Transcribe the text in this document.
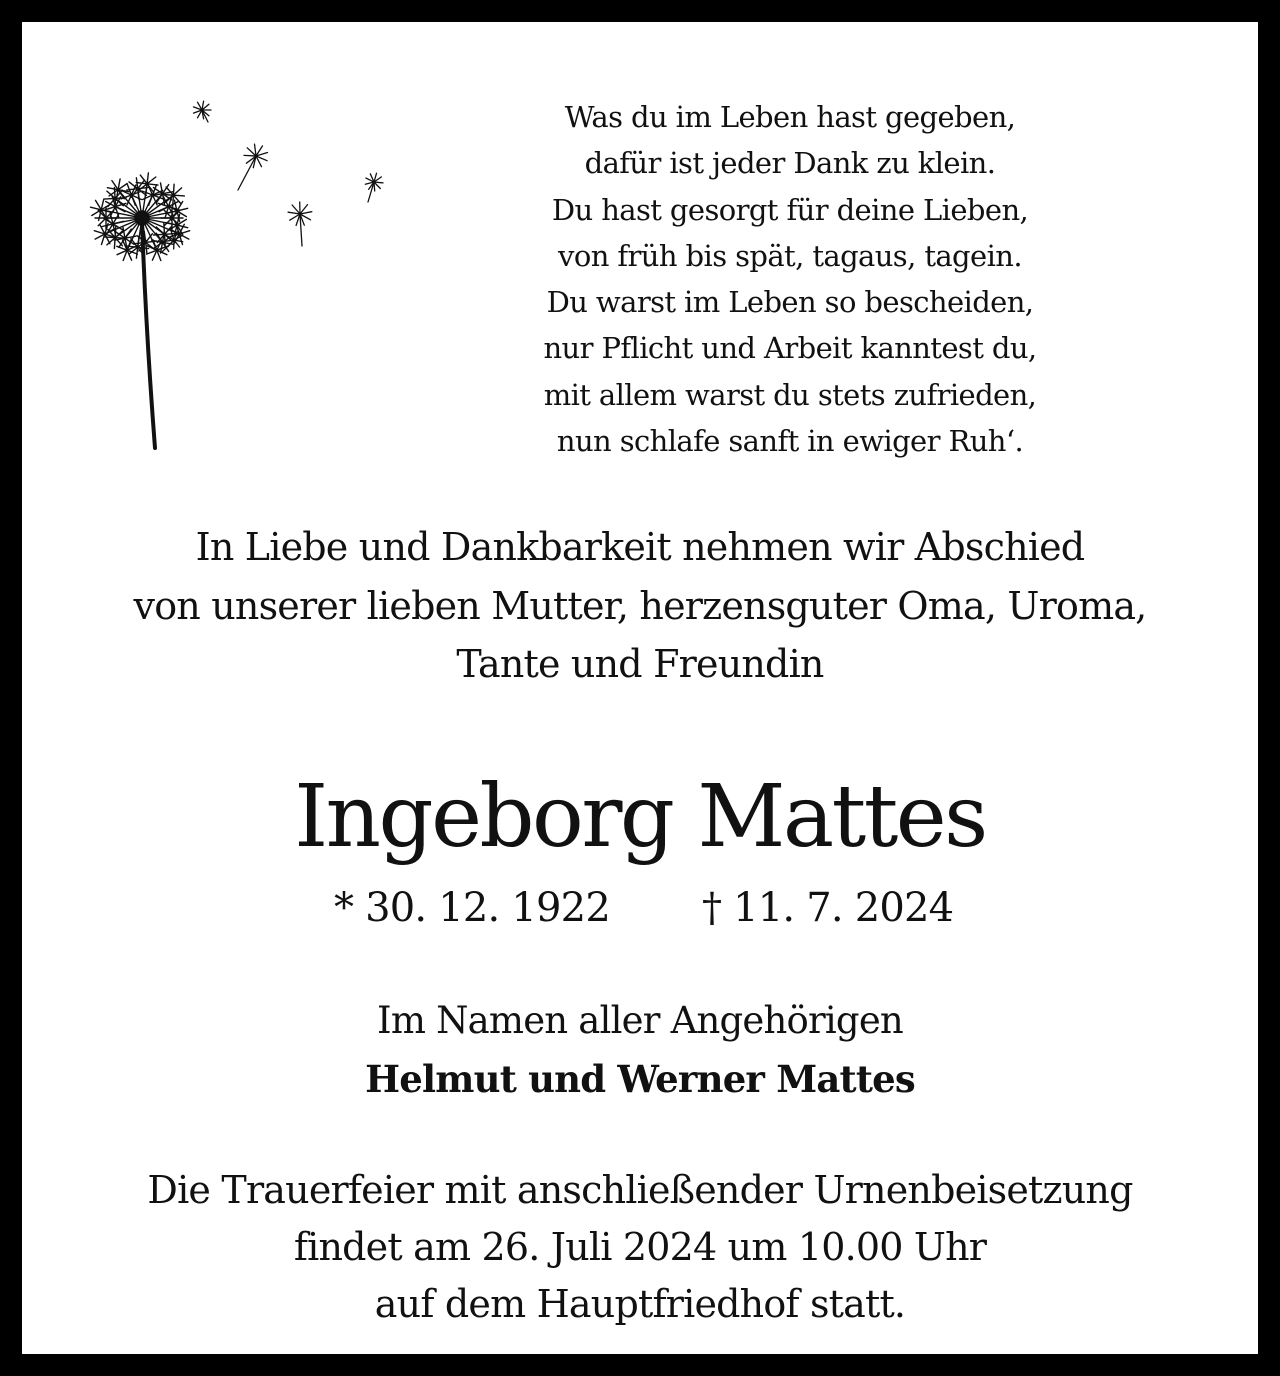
Was du im Leben hast gegeben,
dafür ist jeder Dank zu klein.
Du hast gesorgt für deine Lieben,
von früh bis spät, tagaus, tagein.
Du warst im Leben so bescheiden,
nur Pflicht und Arbeit kanntest du,
mit allem warst du stets zufrieden,
nun schlafe sanft in ewiger Ruh‘.
In Liebe und Dankbarkeit nehmen wir Abschied
von unserer lieben Mutter, herzensguter Oma, Uroma,
Tante und Freundin
Ingeborg Mattes
* 30. 12. 1922 † 11. 7. 2024
Im Namen aller Angehörigen
Helmut und Werner Mattes
Die Trauerfeier mit anschließender Urnenbeisetzung
findet am 26. Juli 2024 um 10.00 Uhr
auf dem Hauptfriedhof statt.
